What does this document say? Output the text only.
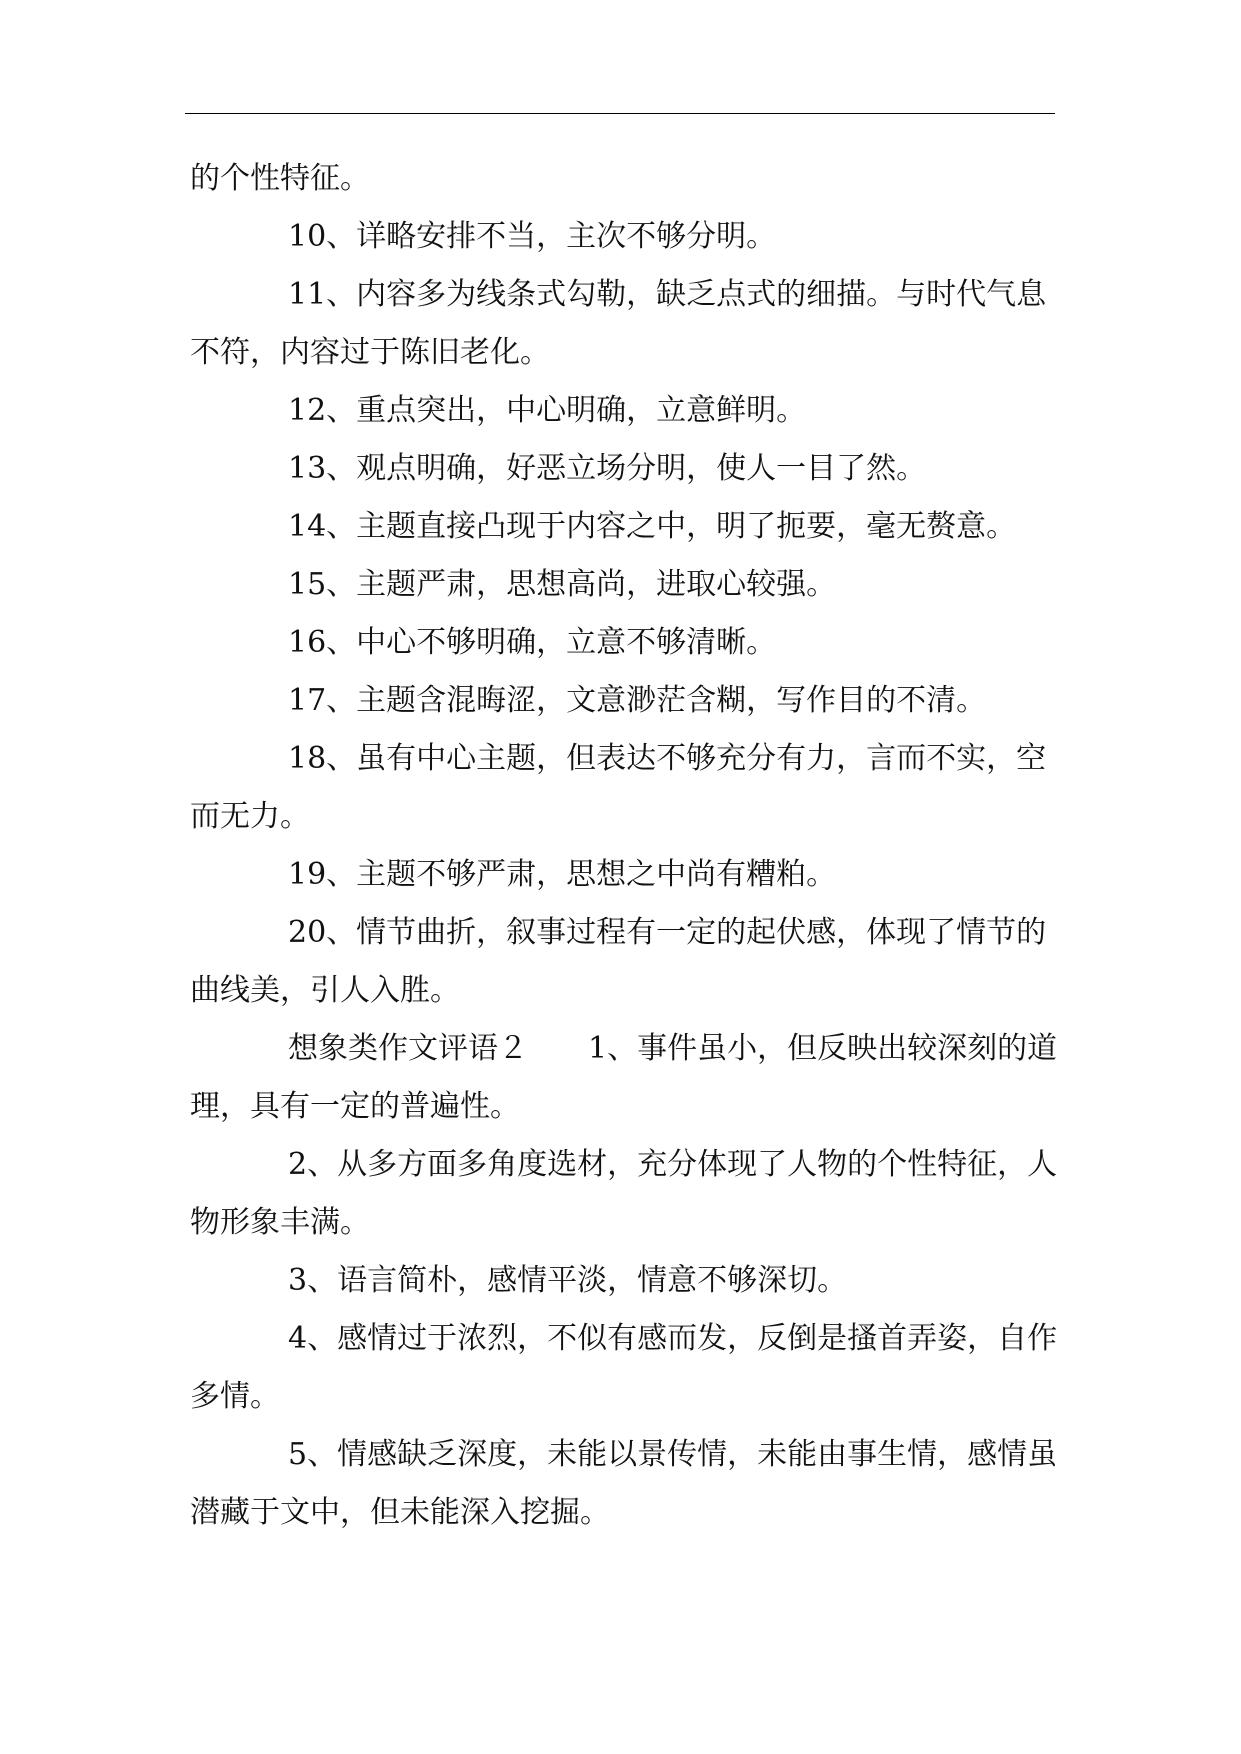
的个性特征。

10、详略安排不当，主次不够分明。

11、内容多为线条式勾勒，缺乏点式的细描。与时代气息不符，内容过于陈旧老化。

12、重点突出，中心明确，立意鲜明。

13、观点明确，好恶立场分明，使人一目了然。

14、主题直接凸现于内容之中，明了扼要，毫无赘意。

15、主题严肃，思想高尚，进取心较强。

16、中心不够明确，立意不够清晰。

17、主题含混晦涩，文意渺茫含糊，写作目的不清。

18、虽有中心主题，但表达不够充分有力，言而不实，空而无力。

19、主题不够严肃，思想之中尚有糟粕。

20、情节曲折，叙事过程有一定的起伏感，体现了情节的曲线美，引人入胜。

想象类作文评语２　　1、事件虽小，但反映出较深刻的道理，具有一定的普遍性。

2、从多方面多角度选材，充分体现了人物的个性特征，人物形象丰满。

3、语言简朴，感情平淡，情意不够深切。

4、感情过于浓烈，不似有感而发，反倒是搔首弄姿，自作多情。

5、情感缺乏深度，未能以景传情，未能由事生情，感情虽潜藏于文中，但未能深入挖掘。
